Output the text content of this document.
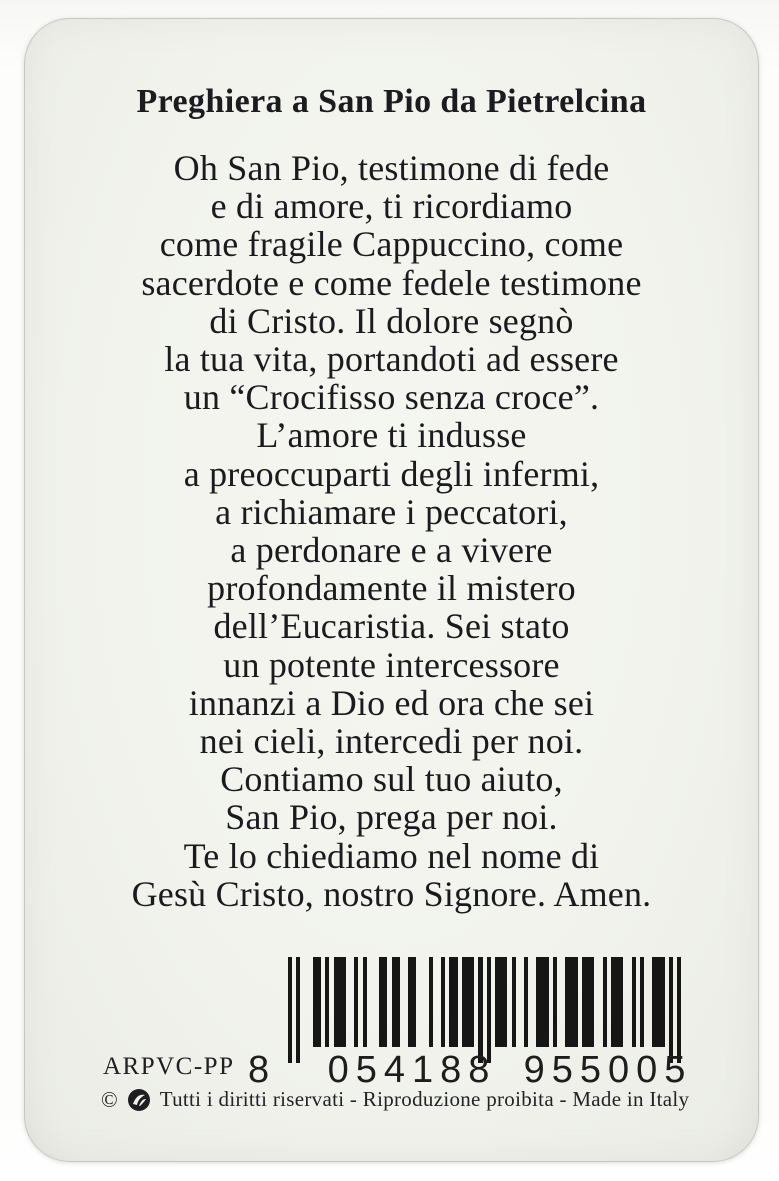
Preghiera a San Pio da Pietrelcina
Oh San Pio, testimone di fede
e di amore, ti ricordiamo
come fragile Cappuccino, come
sacerdote e come fedele testimone
di Cristo. Il dolore segnò
la tua vita, portandoti ad essere
un “Crocifisso senza croce”.
L’amore ti indusse
a preoccuparti degli infermi,
a richiamare i peccatori,
a perdonare e a vivere
profondamente il mistero
dell’Eucaristia. Sei stato
un potente intercessore
innanzi a Dio ed ora che sei
nei cieli, intercedi per noi.
Contiamo sul tuo aiuto,
San Pio, prega per noi.
Te lo chiediamo nel nome di
Gesù Cristo, nostro Signore. Amen.
8 054188 955005
ARPVC-PP
© Tutti i diritti riservati - Riproduzione proibita - Made in Italy
